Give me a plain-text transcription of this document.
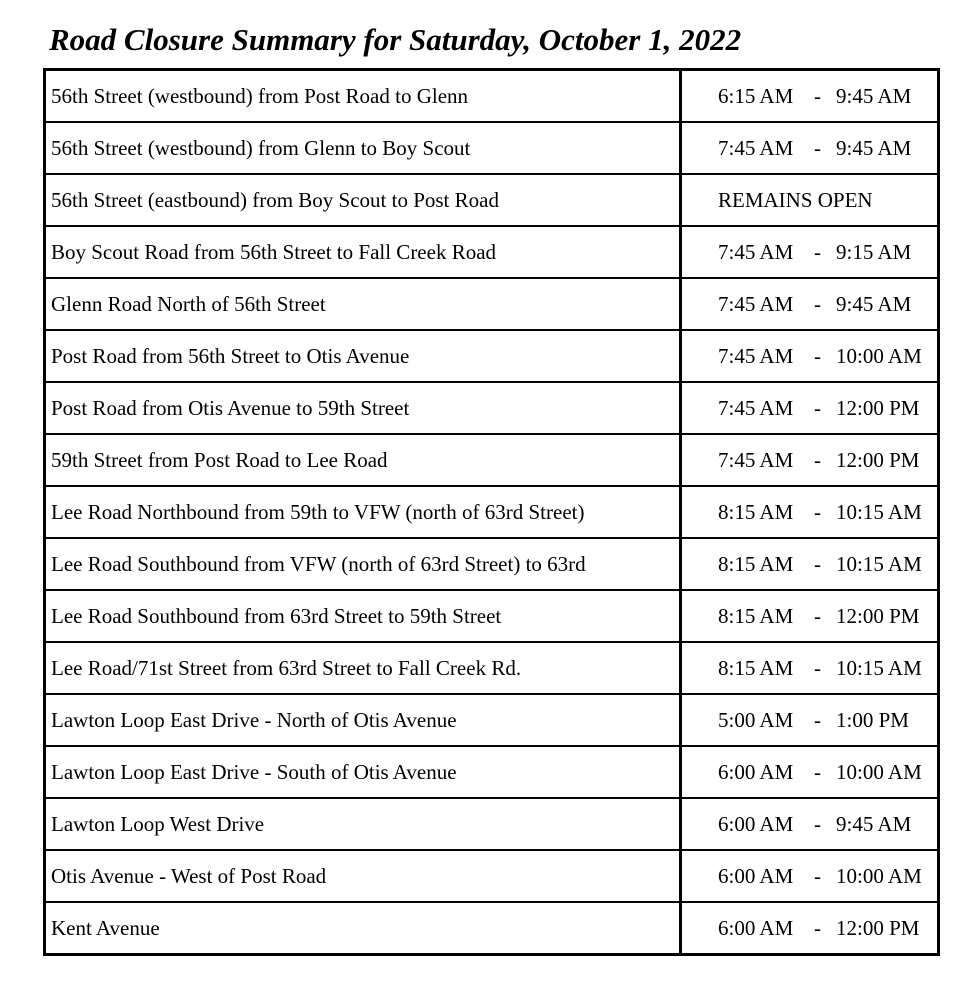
Road Closure Summary for Saturday, October 1, 2022
56th Street (westbound) from Post Road to Glenn	6:15 AM - 9:45 AM
56th Street (westbound) from Glenn to Boy Scout	7:45 AM - 9:45 AM
56th Street (eastbound) from Boy Scout to Post Road	REMAINS OPEN
Boy Scout Road from 56th Street to Fall Creek Road	7:45 AM - 9:15 AM
Glenn Road North of 56th Street	7:45 AM - 9:45 AM
Post Road from 56th Street to Otis Avenue	7:45 AM - 10:00 AM
Post Road from Otis Avenue to 59th Street	7:45 AM - 12:00 PM
59th Street from Post Road to Lee Road	7:45 AM - 12:00 PM
Lee Road Northbound from 59th to VFW (north of 63rd Street)	8:15 AM - 10:15 AM
Lee Road Southbound from VFW (north of 63rd Street) to 63rd	8:15 AM - 10:15 AM
Lee Road Southbound from 63rd Street to 59th Street	8:15 AM - 12:00 PM
Lee Road/71st Street from 63rd Street to Fall Creek Rd.	8:15 AM - 10:15 AM
Lawton Loop East Drive - North of Otis Avenue	5:00 AM - 1:00 PM
Lawton Loop East Drive - South of Otis Avenue	6:00 AM - 10:00 AM
Lawton Loop West Drive	6:00 AM - 9:45 AM
Otis Avenue - West of Post Road	6:00 AM - 10:00 AM
Kent Avenue	6:00 AM - 12:00 PM
